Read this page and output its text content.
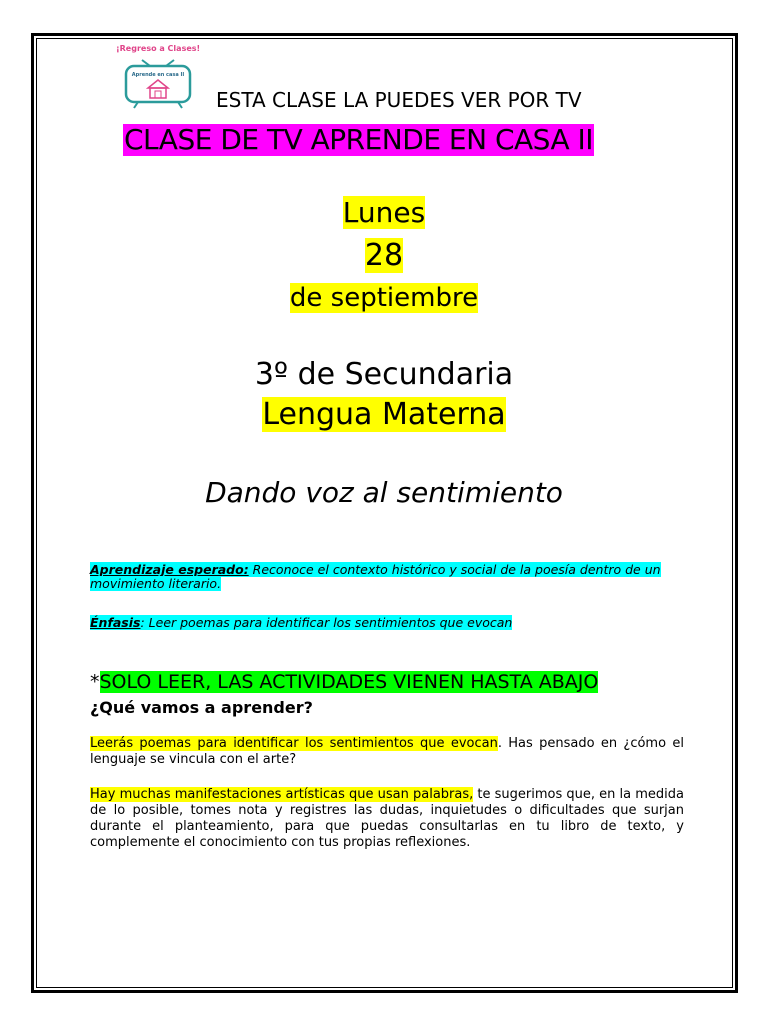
¡Regreso a Clases!
Aprende en casa II
ESTA CLASE LA PUEDES VER POR TV
CLASE DE TV APRENDE EN CASA II
Lunes
28
de septiembre
3º de Secundaria
Lengua Materna
Dando voz al sentimiento
Aprendizaje esperado: Reconoce el contexto histórico y social de la poesía dentro de un movimiento literario.
Énfasis: Leer poemas para identificar los sentimientos que evocan
*SOLO LEER, LAS ACTIVIDADES VIENEN HASTA ABAJO
¿Qué vamos a aprender?
Leerás poemas para identificar los sentimientos que evocan. Has pensado en ¿cómo el lenguaje se vincula con el arte?
Hay muchas manifestaciones artísticas que usan palabras, te sugerimos que, en la medida de lo posible, tomes nota y registres las dudas, inquietudes o dificultades que surjan durante el planteamiento, para que puedas consultarlas en tu libro de texto, y complemente el conocimiento con tus propias reflexiones.
